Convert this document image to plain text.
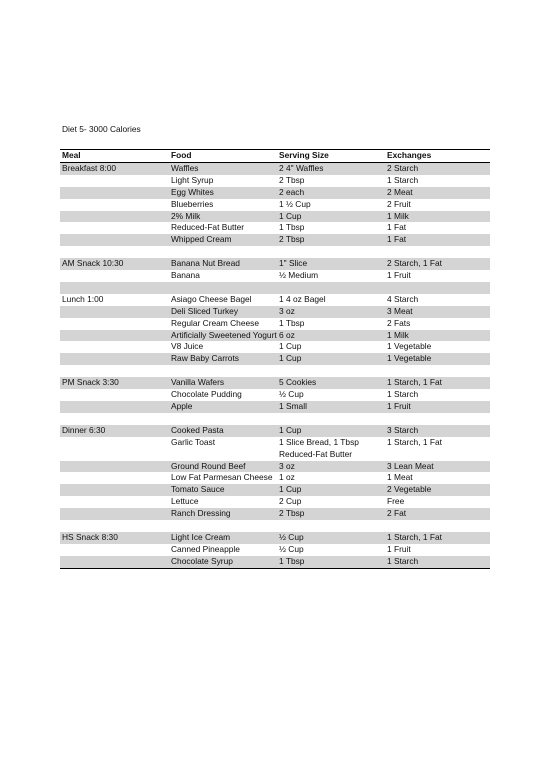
Diet 5- 3000 Calories
Meal	Food	Serving Size	Exchanges
Breakfast 8:00	Waffles	2 4" Waffles	2 Starch
	Light Syrup	2 Tbsp	1 Starch
	Egg Whites	2 each	2 Meat
	Blueberries	1 ½ Cup	2 Fruit
	2% Milk	1 Cup	1 Milk
	Reduced-Fat Butter	1 Tbsp	1 Fat
	Whipped Cream	2 Tbsp	1 Fat

AM Snack 10:30	Banana Nut Bread	1" Slice	2 Starch, 1 Fat
	Banana	½ Medium	1 Fruit

Lunch 1:00	Asiago Cheese Bagel	1 4 oz Bagel	4 Starch
	Deli Sliced Turkey	3 oz	3 Meat
	Regular Cream Cheese	1 Tbsp	2 Fats
	Artificially Sweetened Yogurt	6 oz	1 Milk
	V8 Juice	1 Cup	1 Vegetable
	Raw Baby Carrots	1 Cup	1 Vegetable

PM Snack 3:30	Vanilla Wafers	5 Cookies	1 Starch, 1 Fat
	Chocolate Pudding	½ Cup	1 Starch
	Apple	1 Small	1 Fruit

Dinner 6:30	Cooked Pasta	1 Cup	3 Starch
	Garlic Toast	1 Slice Bread, 1 Tbsp Reduced-Fat Butter	1 Starch, 1 Fat
	Ground Round Beef	3 oz	3 Lean Meat
	Low Fat Parmesan Cheese	1 oz	1 Meat
	Tomato Sauce	1 Cup	2 Vegetable
	Lettuce	2 Cup	Free
	Ranch Dressing	2 Tbsp	2 Fat

HS Snack 8:30	Light Ice Cream	½ Cup	1 Starch, 1 Fat
	Canned Pineapple	½ Cup	1 Fruit
	Chocolate Syrup	1 Tbsp	1 Starch
